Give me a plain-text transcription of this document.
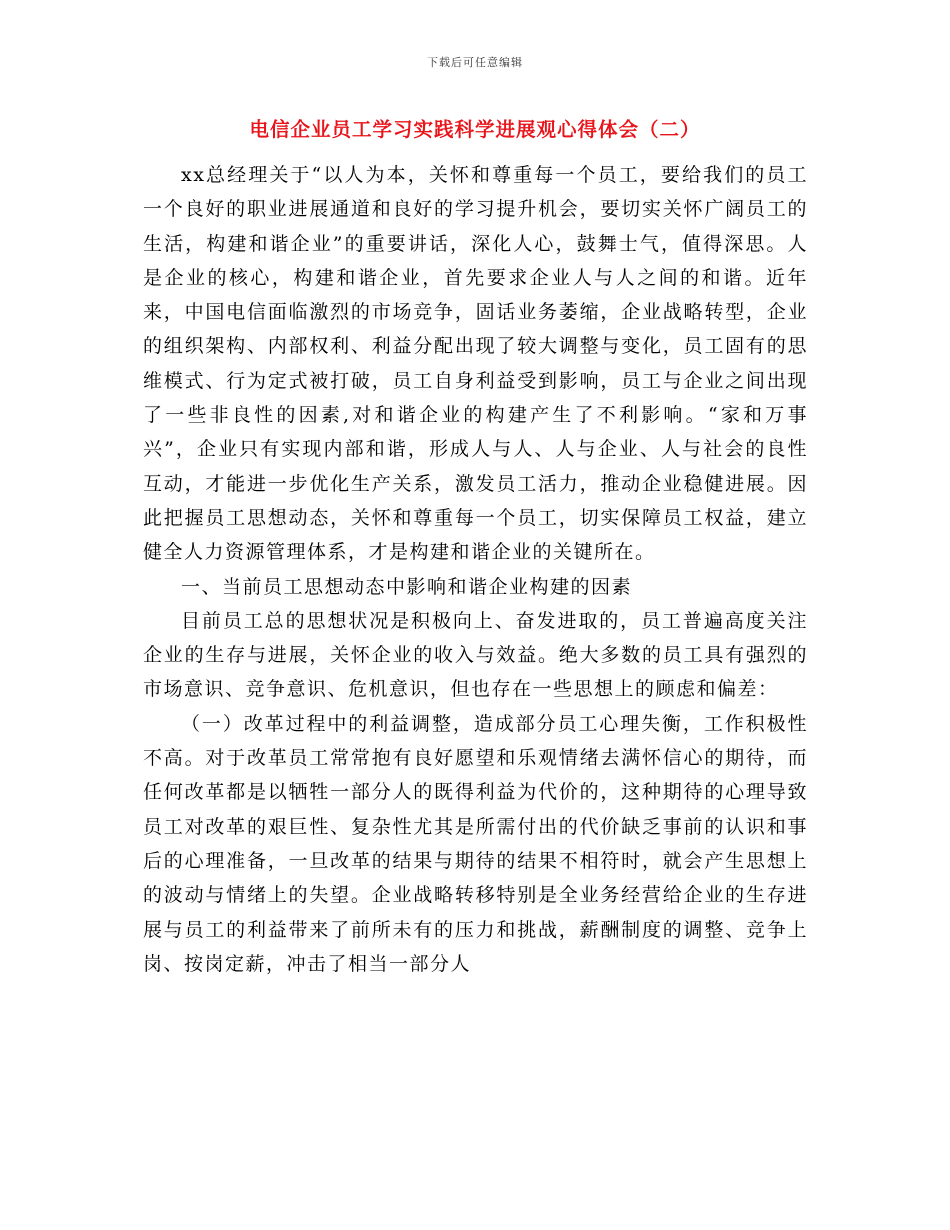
下载后可任意编辑
电信企业员工学习实践科学进展观心得体会（二）

xx总经理关于“以人为本，关怀和尊重每一个员工，要给我们的员工一个良好的职业进展通道和良好的学习提升机会，要切实关怀广阔员工的生活，构建和谐企业”的重要讲话，深化人心，鼓舞士气，值得深思。人是企业的核心，构建和谐企业，首先要求企业人与人之间的和谐。近年来，中国电信面临激烈的市场竞争，固话业务萎缩，企业战略转型，企业的组织架构、内部权利、利益分配出现了较大调整与变化，员工固有的思维模式、行为定式被打破，员工自身利益受到影响，员工与企业之间出现了一些非良性的因素,对和谐企业的构建产生了不利影响。“家和万事兴”，企业只有实现内部和谐，形成人与人、人与企业、人与社会的良性互动，才能进一步优化生产关系，激发员工活力，推动企业稳健进展。因此把握员工思想动态，关怀和尊重每一个员工，切实保障员工权益，建立健全人力资源管理体系，才是构建和谐企业的关键所在。

一、当前员工思想动态中影响和谐企业构建的因素

目前员工总的思想状况是积极向上、奋发进取的，员工普遍高度关注企业的生存与进展，关怀企业的收入与效益。绝大多数的员工具有强烈的市场意识、竞争意识、危机意识，但也存在一些思想上的顾虑和偏差：

（一）改革过程中的利益调整，造成部分员工心理失衡，工作积极性不高。对于改革员工常常抱有良好愿望和乐观情绪去满怀信心的期待，而任何改革都是以牺牲一部分人的既得利益为代价的，这种期待的心理导致员工对改革的艰巨性、复杂性尤其是所需付出的代价缺乏事前的认识和事后的心理准备，一旦改革的结果与期待的结果不相符时，就会产生思想上的波动与情绪上的失望。企业战略转移特别是全业务经营给企业的生存进展与员工的利益带来了前所未有的压力和挑战，薪酬制度的调整、竞争上岗、按岗定薪，冲击了相当一部分人
